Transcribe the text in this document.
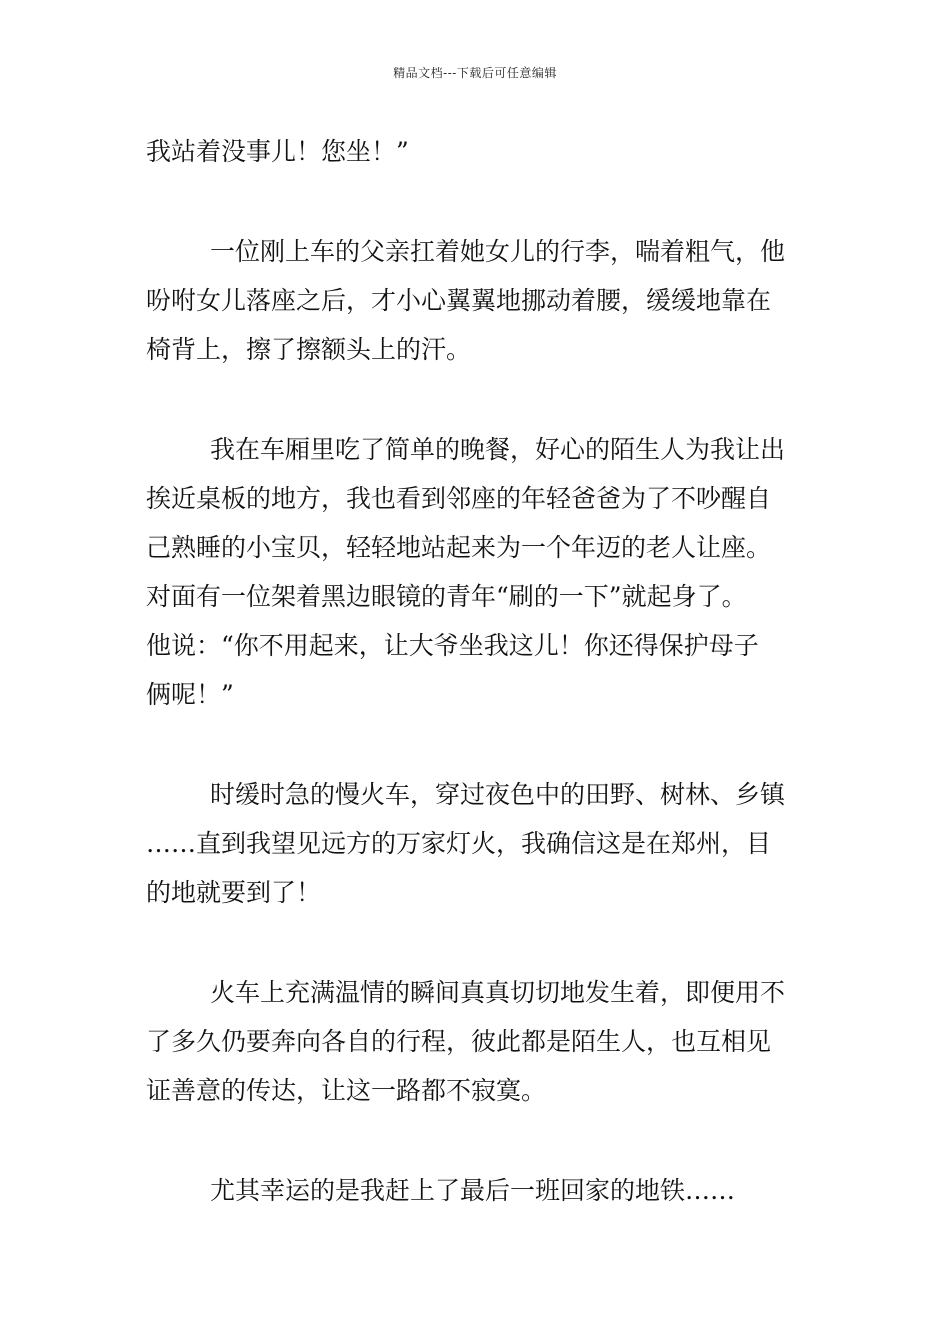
精品文档---下载后可任意编辑
我站着没事儿！您坐！”
一位刚上车的父亲扛着她女儿的行李，喘着粗气，他
吩咐女儿落座之后，才小心翼翼地挪动着腰，缓缓地靠在
椅背上，擦了擦额头上的汗。
我在车厢里吃了简单的晚餐，好心的陌生人为我让出
挨近桌板的地方，我也看到邻座的年轻爸爸为了不吵醒自
己熟睡的小宝贝，轻轻地站起来为一个年迈的老人让座。
对面有一位架着黑边眼镜的青年“刷的一下”就起身了。
他说：“你不用起来，让大爷坐我这儿！你还得保护母子
俩呢！”
时缓时急的慢火车，穿过夜色中的田野、树林、乡镇
……直到我望见远方的万家灯火，我确信这是在郑州，目
的地就要到了！
火车上充满温情的瞬间真真切切地发生着，即便用不
了多久仍要奔向各自的行程，彼此都是陌生人，也互相见
证善意的传达，让这一路都不寂寞。
尤其幸运的是我赶上了最后一班回家的地铁……
